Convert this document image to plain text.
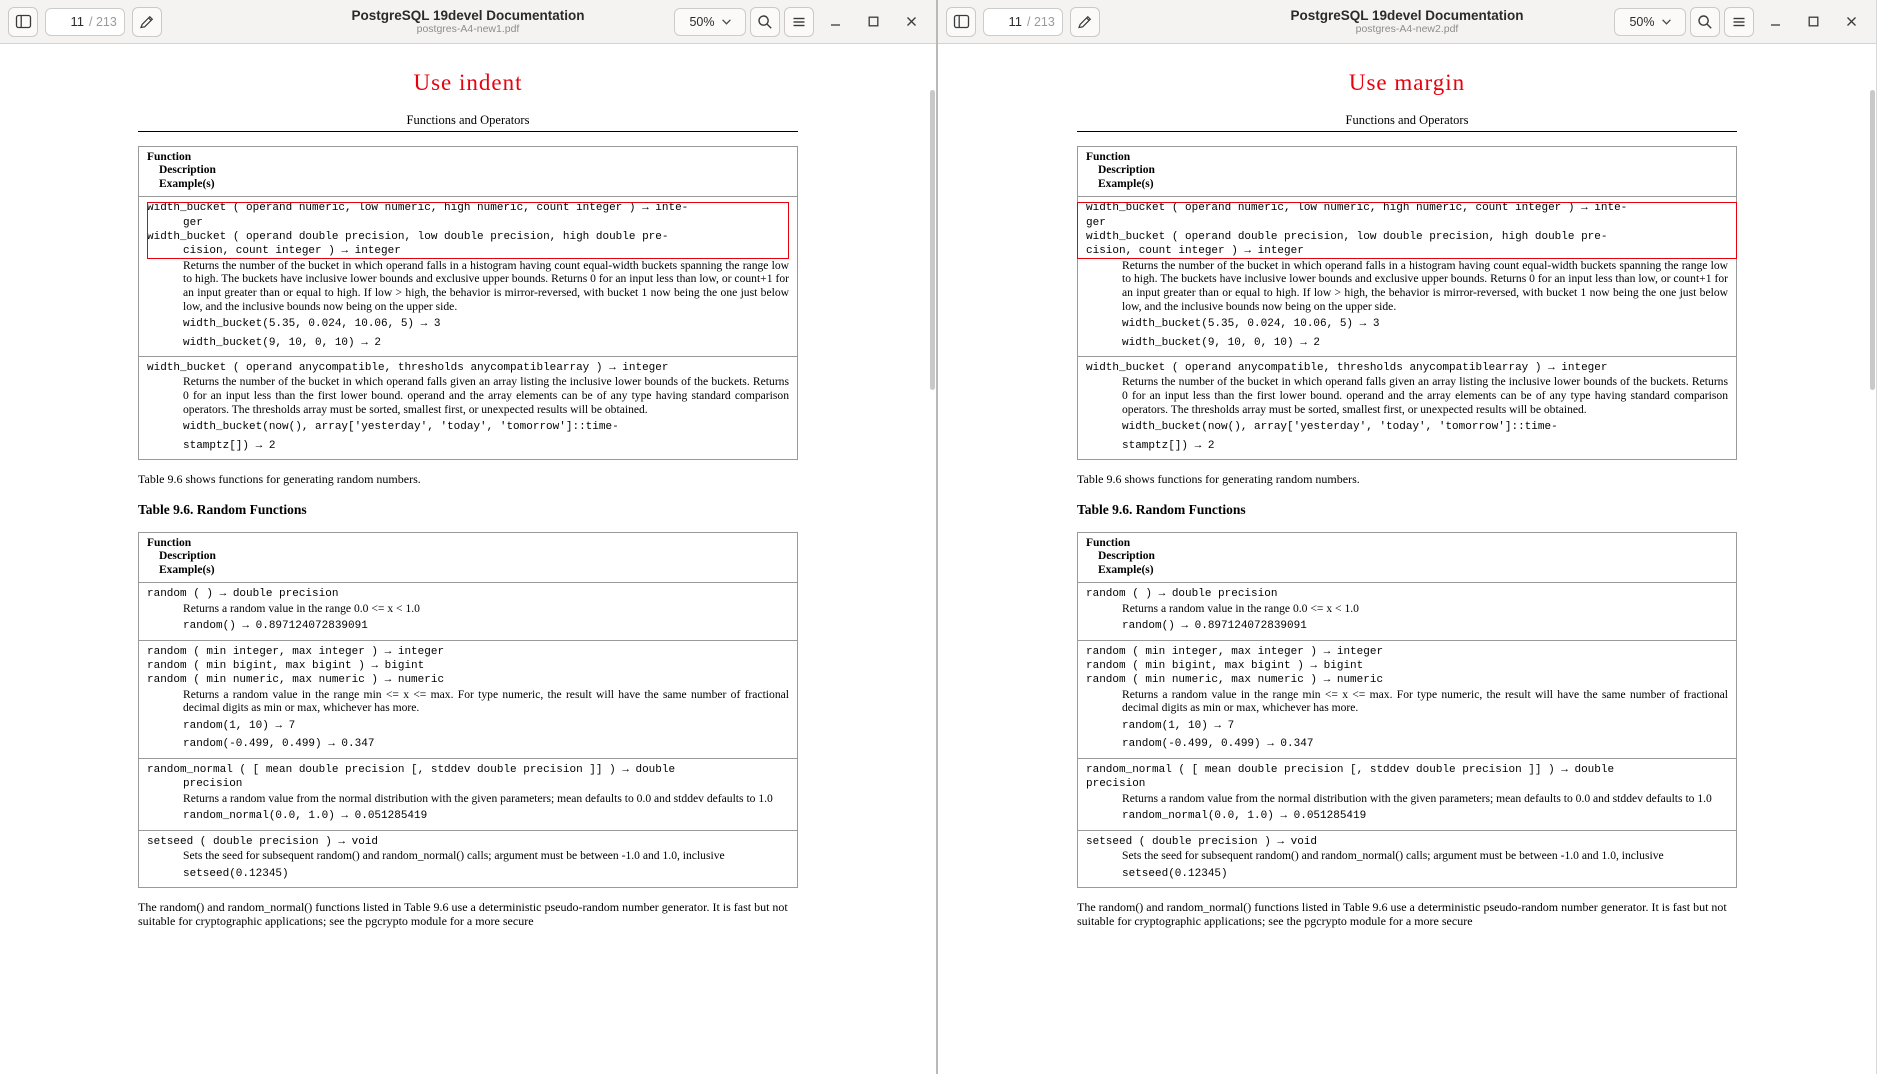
11 / 213	PostgreSQL 19devel Documentation
postgres-A4-new1.pdf	50%
Use indent
Functions and Operators
Function
Description
Example(s)
width_bucket ( operand numeric, low numeric, high numeric, count integer ) → inte-
ger
width_bucket ( operand double precision, low double precision, high double pre-
cision, count integer ) → integer
Returns the number of the bucket in which operand falls in a histogram having count equal-width buckets spanning the range low to high. The buckets have inclusive lower bounds and exclusive upper bounds. Returns 0 for an input less than low, or count+1 for an input greater than or equal to high. If low > high, the behavior is mirror-reversed, with bucket 1 now being the one just below low, and the inclusive bounds now being on the upper side.
width_bucket(5.35, 0.024, 10.06, 5) → 3
width_bucket(9, 10, 0, 10) → 2
width_bucket ( operand anycompatible, thresholds anycompatiblearray ) → integer
Returns the number of the bucket in which operand falls given an array listing the inclusive lower bounds of the buckets. Returns 0 for an input less than the first lower bound. operand and the array elements can be of any type having standard comparison operators. The thresholds array must be sorted, smallest first, or unexpected results will be obtained.
width_bucket(now(), array['yesterday', 'today', 'tomorrow']::time-
stamptz[]) → 2
Table 9.6 shows functions for generating random numbers.
Table 9.6. Random Functions
Function
Description
Example(s)
random ( ) → double precision
Returns a random value in the range 0.0 <= x < 1.0
random() → 0.897124072839091
random ( min integer, max integer ) → integer
random ( min bigint, max bigint ) → bigint
random ( min numeric, max numeric ) → numeric
Returns a random value in the range min <= x <= max. For type numeric, the result will have the same number of fractional decimal digits as min or max, whichever has more.
random(1, 10) → 7
random(-0.499, 0.499) → 0.347
random_normal ( [ mean double precision [, stddev double precision ]] ) → double
precision
Returns a random value from the normal distribution with the given parameters; mean defaults to 0.0 and stddev defaults to 1.0
random_normal(0.0, 1.0) → 0.051285419
setseed ( double precision ) → void
Sets the seed for subsequent random() and random_normal() calls; argument must be between -1.0 and 1.0, inclusive
setseed(0.12345)
The random() and random_normal() functions listed in Table 9.6 use a deterministic pseudo-random number generator. It is fast but not suitable for cryptographic applications; see the pgcrypto module for a more secure
11 / 213	PostgreSQL 19devel Documentation
postgres-A4-new2.pdf	50%
Use margin
Functions and Operators
Function
Description
Example(s)
width_bucket ( operand numeric, low numeric, high numeric, count integer ) → inte-
ger
width_bucket ( operand double precision, low double precision, high double pre-
cision, count integer ) → integer
Returns the number of the bucket in which operand falls in a histogram having count equal-width buckets spanning the range low to high. The buckets have inclusive lower bounds and exclusive upper bounds. Returns 0 for an input less than low, or count+1 for an input greater than or equal to high. If low > high, the behavior is mirror-reversed, with bucket 1 now being the one just below low, and the inclusive bounds now being on the upper side.
width_bucket(5.35, 0.024, 10.06, 5) → 3
width_bucket(9, 10, 0, 10) → 2
width_bucket ( operand anycompatible, thresholds anycompatiblearray ) → integer
Returns the number of the bucket in which operand falls given an array listing the inclusive lower bounds of the buckets. Returns 0 for an input less than the first lower bound. operand and the array elements can be of any type having standard comparison operators. The thresholds array must be sorted, smallest first, or unexpected results will be obtained.
width_bucket(now(), array['yesterday', 'today', 'tomorrow']::time-
stamptz[]) → 2
Table 9.6 shows functions for generating random numbers.
Table 9.6. Random Functions
Function
Description
Example(s)
random ( ) → double precision
Returns a random value in the range 0.0 <= x < 1.0
random() → 0.897124072839091
random ( min integer, max integer ) → integer
random ( min bigint, max bigint ) → bigint
random ( min numeric, max numeric ) → numeric
Returns a random value in the range min <= x <= max. For type numeric, the result will have the same number of fractional decimal digits as min or max, whichever has more.
random(1, 10) → 7
random(-0.499, 0.499) → 0.347
random_normal ( [ mean double precision [, stddev double precision ]] ) → double
precision
Returns a random value from the normal distribution with the given parameters; mean defaults to 0.0 and stddev defaults to 1.0
random_normal(0.0, 1.0) → 0.051285419
setseed ( double precision ) → void
Sets the seed for subsequent random() and random_normal() calls; argument must be between -1.0 and 1.0, inclusive
setseed(0.12345)
The random() and random_normal() functions listed in Table 9.6 use a deterministic pseudo-random number generator. It is fast but not suitable for cryptographic applications; see the pgcrypto module for a more secure
